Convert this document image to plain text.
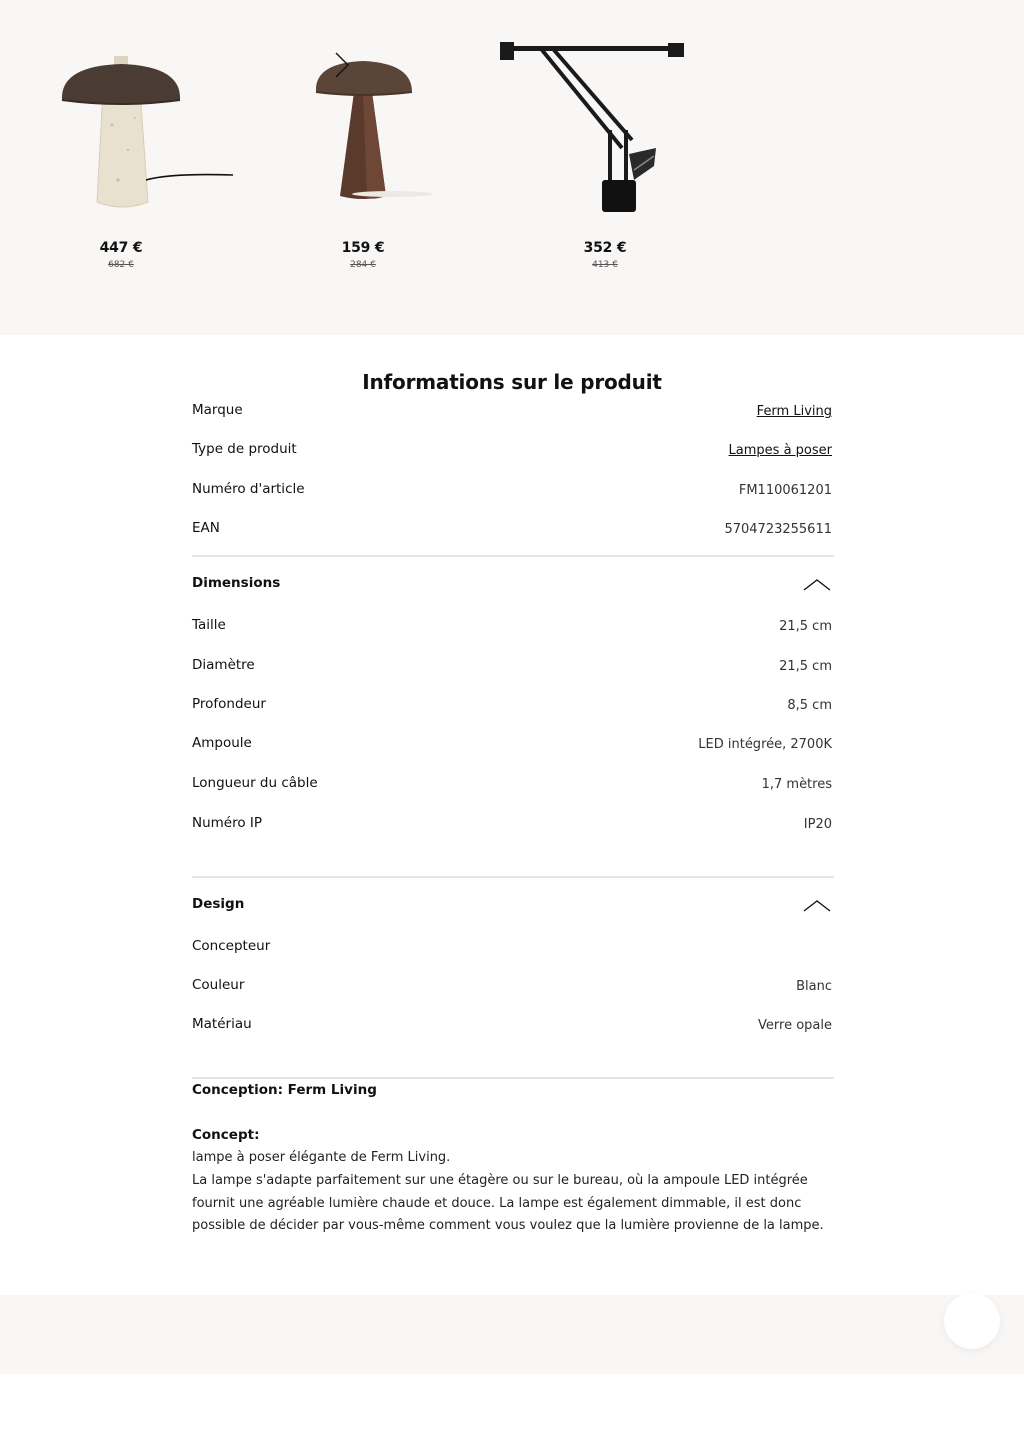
447 €
682 €
159 €
284 €
352 €
413 €
Informations sur le produit
Marque	Ferm Living
Type de produit	Lampes à poser
Numéro d'article	FM110061201
EAN	5704723255611
Dimensions
Taille	21,5 cm
Diamètre	21,5 cm
Profondeur	8,5 cm
Ampoule	LED intégrée, 2700K
Longueur du câble	1,7 mètres
Numéro IP	IP20
Design
Concepteur
Couleur	Blanc
Matériau	Verre opale
Conception: Ferm Living
Concept:
lampe à poser élégante de Ferm Living.
La lampe s'adapte parfaitement sur une étagère ou sur le bureau, où la ampoule LED intégrée fournit une agréable lumière chaude et douce. La lampe est également dimmable, il est donc possible de décider par vous-même comment vous voulez que la lumière provienne de la lampe.
